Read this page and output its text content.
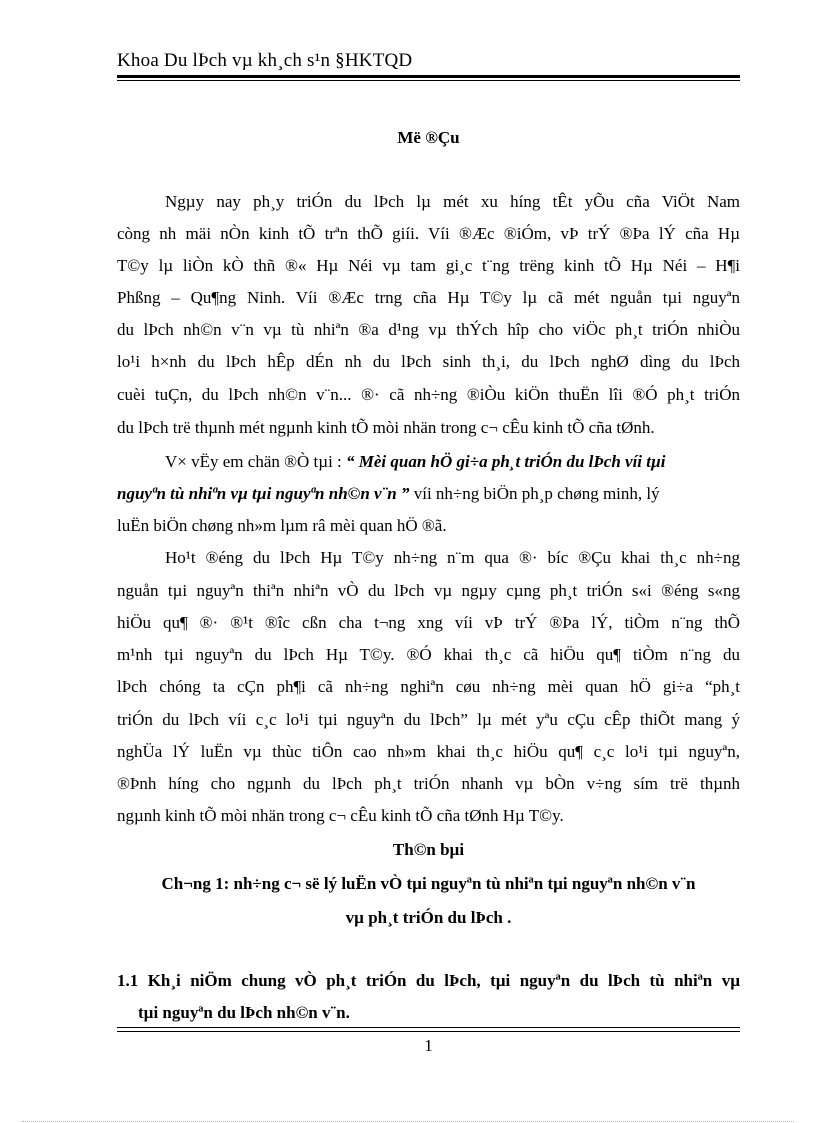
Khoa Du lÞch vµ kh¸ch s¹n §HKTQD
Më ®Çu
Ngµy nay ph¸y triÓn du lÞch lµ mét xu híng tÊt yÕu cña ViÖt Nam
còng nh mäi nÒn kinh tÕ trªn thÕ giíi. Víi ®Æc ®iÓm, vÞ trÝ ®Þa lÝ cña Hµ
T©y lµ liÒn kÒ thñ ®« Hµ Néi vµ tam gi¸c t¨ng trëng kinh tÕ Hµ Néi – H¶i
Phßng – Qu¶ng Ninh. Víi ®Æc trng cña Hµ T©y lµ cã mét nguån tµi nguyªn
du lÞch nh©n v¨n vµ tù nhiªn ®a d¹ng vµ thÝch hîp cho viÖc ph¸t triÓn nhiÒu
lo¹i h×nh du lÞch hÊp dÉn nh du lÞch sinh th¸i, du lÞch nghØ dìng du lÞch
cuèi tuÇn, du lÞch nh©n v¨n... ®· cã nh÷ng ®iÒu kiÖn thuËn lîi ®Ó ph¸t triÓn
du lÞch trë thµnh mét ngµnh kinh tÕ mòi nhän trong c¬ cÊu kinh tÕ cña tØnh.
V× vËy em chän ®Ò tµi : “ Mèi quan hÖ gi÷a ph¸t triÓn du lÞch víi tµi
nguyªn tù nhiªn vµ tµi nguyªn nh©n v¨n ” víi nh÷ng biÖn ph¸p chøng minh, lý
luËn biÖn chøng nh»m lµm râ mèi quan hÖ ®ã.
Ho¹t ®éng du lÞch Hµ T©y nh÷ng n¨m qua ®· bíc ®Çu khai th¸c nh÷ng
nguån tµi nguyªn thiªn nhiªn vÒ du lÞch vµ ngµy cµng ph¸t triÓn s«i ®éng s«ng
hiÖu qu¶ ®· ®¹t ®îc cßn cha t¬ng xng víi vÞ trÝ ®Þa lÝ, tiÒm n¨ng thÕ
m¹nh tµi nguyªn du lÞch Hµ T©y. ®Ó khai th¸c cã hiÖu qu¶ tiÒm n¨ng du
lÞch chóng ta cÇn ph¶i cã nh÷ng nghiªn cøu nh÷ng mèi quan hÖ gi÷a “ph¸t
triÓn du lÞch víi c¸c lo¹i tµi nguyªn du lÞch” lµ mét yªu cÇu cÊp thiÕt mang ý
nghÜa lÝ luËn vµ thùc tiÔn cao nh»m khai th¸c hiÖu qu¶ c¸c lo¹i tµi nguyªn,
®Þnh híng cho ngµnh du lÞch ph¸t triÓn nhanh vµ bÒn v÷ng sím trë thµnh
ngµnh kinh tÕ mòi nhän trong c¬ cÊu kinh tÕ cña tØnh Hµ T©y.
Th©n bµi
Ch¬ng 1: nh÷ng c¬ së lý luËn vÒ tµi nguyªn tù nhiªn tµi nguyªn nh©n v¨n
vµ ph¸t triÓn du lÞch .
1.1 Kh¸i niÖm chung vÒ ph¸t triÓn du lÞch, tµi nguyªn du lÞch tù nhiªn vµ
tµi nguyªn du lÞch nh©n v¨n.
1
